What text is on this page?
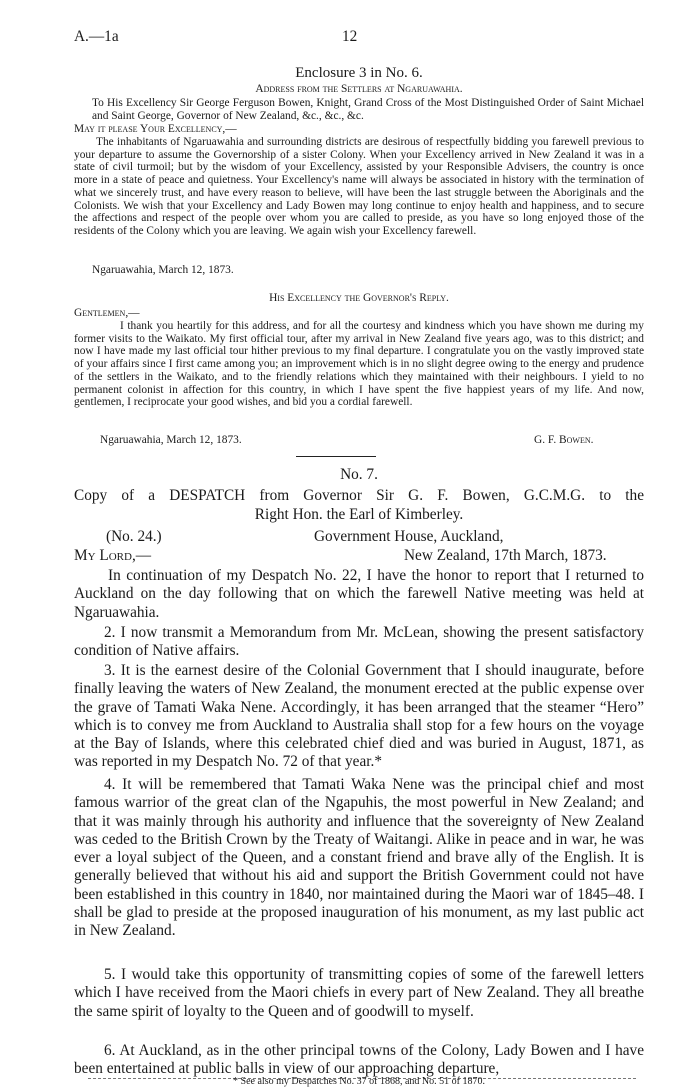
A.—1a	12
Enclosure 3 in No. 6.
Address from the Settlers at Ngaruawahia.
To His Excellency Sir George Ferguson Bowen, Knight, Grand Cross of the Most Distinguished Order of Saint Michael and Saint George, Governor of New Zealand, &c., &c., &c.
May it please Your Excellency,—
The inhabitants of Ngaruawahia and surrounding districts are desirous of respectfully bidding you farewell previous to your departure to assume the Governorship of a sister Colony. When your Excellency arrived in New Zealand it was in a state of civil turmoil; but by the wisdom of your Excellency, assisted by your Responsible Advisers, the country is once more in a state of peace and quietness. Your Excellency's name will always be associated in history with the termination of what we sincerely trust, and have every reason to believe, will have been the last struggle between the Aboriginals and the Colonists. We wish that your Excellency and Lady Bowen may long continue to enjoy health and happiness, and to secure the affections and respect of the people over whom you are called to preside, as you have so long enjoyed those of the residents of the Colony which you are leaving. We again wish your Excellency farewell.
Ngaruawahia, March 12, 1873.
His Excellency the Governor's Reply.
Gentlemen,—
I thank you heartily for this address, and for all the courtesy and kindness which you have shown me during my former visits to the Waikato. My first official tour, after my arrival in New Zealand five years ago, was to this district; and now I have made my last official tour hither previous to my final departure. I congratulate you on the vastly improved state of your affairs since I first came among you; an improvement which is in no slight degree owing to the energy and prudence of the settlers in the Waikato, and to the friendly relations which they maintained with their neighbours. I yield to no permanent colonist in affection for this country, in which I have spent the five happiest years of my life. And now, gentlemen, I reciprocate your good wishes, and bid you a cordial farewell.
Ngaruawahia, March 12, 1873.	G. F. Bowen.
No. 7.
Copy of a DESPATCH from Governor Sir G. F. Bowen, G.C.M.G. to the
Right Hon. the Earl of Kimberley.
(No. 24.)	Government House, Auckland,
My Lord,—	New Zealand, 17th March, 1873.
In continuation of my Despatch No. 22, I have the honor to report that I returned to Auckland on the day following that on which the farewell Native meeting was held at Ngaruawahia.
2. I now transmit a Memorandum from Mr. McLean, showing the present satisfactory condition of Native affairs.
3. It is the earnest desire of the Colonial Government that I should inaugurate, before finally leaving the waters of New Zealand, the monument erected at the public expense over the grave of Tamati Waka Nene. Accordingly, it has been arranged that the steamer “Hero” which is to convey me from Auckland to Australia shall stop for a few hours on the voyage at the Bay of Islands, where this celebrated chief died and was buried in August, 1871, as was reported in my Despatch No. 72 of that year.*
4. It will be remembered that Tamati Waka Nene was the principal chief and most famous warrior of the great clan of the Ngapuhis, the most powerful in New Zealand; and that it was mainly through his authority and influence that the sovereignty of New Zealand was ceded to the British Crown by the Treaty of Waitangi. Alike in peace and in war, he was ever a loyal subject of the Queen, and a constant friend and brave ally of the English. It is generally believed that without his aid and support the British Government could not have been established in this country in 1840, nor maintained during the Maori war of 1845–48. I shall be glad to preside at the proposed inauguration of his monument, as my last public act in New Zealand.
5. I would take this opportunity of transmitting copies of some of the farewell letters which I have received from the Maori chiefs in every part of New Zealand. They all breathe the same spirit of loyalty to the Queen and of goodwill to myself.
6. At Auckland, as in the other principal towns of the Colony, Lady Bowen and I have been entertained at public balls in view of our approaching departure,
* See also my Despatches No. 37 of 1868, and No. 51 of 1870.
